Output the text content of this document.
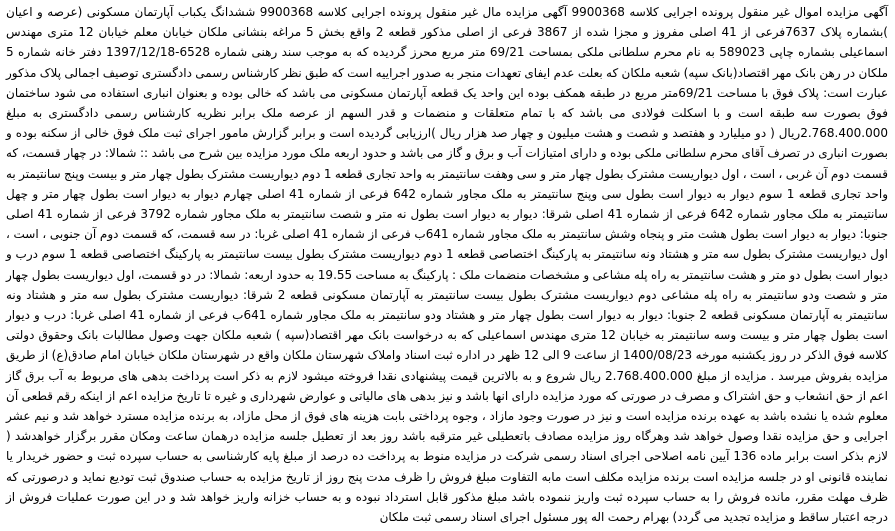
آگهی مزایده اموال غیر منقول پرونده اجرایی کلاسه 9900368 آگهی مزایده مال غیر منقول پرونده اجرایی کلاسه 9900368 ششدانگ یکباب آپارتمان مسکونی (عرصه و اعیان )بشماره پلاک 7637فرعی از 41 اصلی مفروز و مجزا شده از 3867 فرعی از اصلی مذکور قطعه 2 واقع بخش 5 مراغه بنشانی ملکان خیابان معلم خیابان 12 متری مهندس اسماعیلی بشماره چاپی 589023 به نام محرم سلطانی ملکی بمساحت 69/21 متر مربع محرز گردیده که به موجب سند رهنی شماره 6528-1397/12/18 دفتر خانه شماره 5 ملکان در رهن بانک مهر اقتصاد(بانک سپه) شعبه ملکان که بعلت عدم ایفای تعهدات منجر به صدور اجراییه است که طبق نظر کارشناس رسمی دادگستری توصیف اجمالی پلاک مذکور عبارت است: پلاک فوق با مساحت 69/21متر مربع در طبقه همکف بوده این واحد یک قطعه آپارتمان مسکونی می باشد که خالی بوده و بعنوان انباری استفاده می شود ساختمان فوق بصورت سه طبقه است و با اسکلت فولادی می باشد که با تمام متعلقات و منضمات و قدر السهم از عرصه ملک برابر نظریه کارشناس رسمی دادگستری به مبلغ 2.768.400.000ریال ( دو میلیارد و هفتصد و شصت و هشت میلیون و چهار صد هزار ریال )ارزیابی گردیده است و برابر گزارش مامور اجرای ثبت ملک فوق خالی از سکنه بوده و بصورت انباری در تصرف آقای محرم سلطانی ملکی بوده و دارای امتیازات آب و برق و گاز می باشد و حدود اربعه ملک مورد مزایده بین شرح می باشد :: شمالا: در چهار قسمت، که قسمت دوم آن غربی ، است ، اول دیواریست مشترک بطول چهار متر و سی وهفت سانتیمتر به واحد تجاری قطعه 1 دوم دیواریست مشترک بطول چهار متر و بیست وپنج سانتیمتر به واحد تجاری قطعه 1 سوم دیوار به دیوار است بطول سی وپنج سانتیمتر به ملک مجاور شماره 642 فرعی از شماره 41 اصلی چهارم دیوار به دیوار است بطول چهار متر و چهل سانتیمتر به ملک مجاور شماره 642 فرعی از شماره 41 اصلی شرقا: دیوار به دیوار است بطول نه متر و شصت سانتیمتر به ملک مجاور شماره 3792 فرعی از شماره 41 اصلی جنوبا: دیوار به دیوار است بطول هشت متر و پنجاه وشش سانتیمتر به ملک مجاور شماره 641ب فرعی از شماره 41 اصلی غربا: در سه قسمت، که قسمت دوم آن جنوبی ، است ، اول دیواریست مشترک بطول سه متر و هشتاد ونه سانتیمتر به پارکینگ اختصاصی قطعه 1 دوم دیواریست مشترک بطول بیست سانتیمتر به پارکینگ اختصاصی قطعه 1 سوم درب و دیوار است بطول دو متر و هشت سانتیمتر به راه پله مشاعی و مشخصات منضمات ملک : پارکینگ به مساحت 19.55 به حدود اربعه: شمالا: در دو قسمت، اول دیواریست بطول چهار متر و شصت ودو سانتیمتر به راه پله مشاعی دوم دیواریست مشترک بطول بیست سانتیمتر به آپارتمان مسکونی قطعه 2 شرقا: دیواریست مشترک بطول سه متر و هشتاد ونه سانتیمتر به آپارتمان مسکونی قطعه 2 جنوبا: دیوار به دیوار است بطول چهار متر و هشتاد ودو سانتیمتر به ملک مجاور شماره 641ب فرعی از شماره 41 اصلی غربا: درب و دیوار است بطول چهار متر و بیست وسه سانتیمتر به خیابان 12 متری مهندس اسماعیلی که به درخواست بانک مهر اقتصاد(سپه ) شعبه ملکان جهت وصول مطالبات بانک وحقوق دولتی کلاسه فوق الذکر در روز یکشنبه مورخه 1400/08/23 از ساعت 9 الی 12 ظهر در اداره ثبت اسناد واملاک شهرستان ملکان واقع در شهرستان ملکان خیابان امام صادق(ع) از طریق مزایده بفروش میرسد . مزایده از مبلغ 2.768.400.000 ریال شروع و به بالاترین قیمت پیشنهادی نقدا فروخته میشود لازم به ذکر است پرداخت بدهی های مربوط به آب برق گاز اعم از حق انشعاب و حق اشتراک و مصرف در صورتی که مورد مزایده دارای انها باشد و نیز بدهی های مالیاتی و عوارض شهرداری و غیره تا تاریخ مزایده اعم از اینکه رقم قطعی آن معلوم شده یا نشده باشد به عهده برنده مزایده است و نیز در صورت وجود مازاد ، وجوه پرداختی بابت هزینه های فوق از محل مازاد، به برنده مزایده مسترد خواهد شد و نیم عشر اجرایی و حق مزایده نقدا وصول خواهد شد وهرگاه روز مزایده مصادف باتعطیلی غیر مترقبه باشد روز بعد از تعطیل جلسه مزایده درهمان ساعت ومکان مقرر برگزار خواهدشد ( لازم بذکر است برابر ماده 136 آیین نامه اصلاحی اجرای اسناد رسمی شرکت در مزایده منوط به پرداخت ده درصد از مبلغ پایه کارشناسی به حساب سپرده ثبت و حضور خریدار یا نماینده قانونی او در جلسه مزایده است برنده مزایده مکلف است مابه التفاوت مبلغ فروش را ظرف مدت پنج روز از تاریخ مزایده به حساب صندوق ثبت تودیع نماید و درصورتی که ظرف مهلت مقرر، مانده فروش را به حساب سپرده ثبت واریز ننموده باشد مبلغ مذکور قابل استرداد نبوده و به حساب خزانه واریز خواهد شد و در این صورت عملیات فروش از درجه اعتبار ساقط و مزایده تجدید می گردد) بهرام رحمت اله پور مسئول اجرای اسناد رسمی ثبت ملکان
